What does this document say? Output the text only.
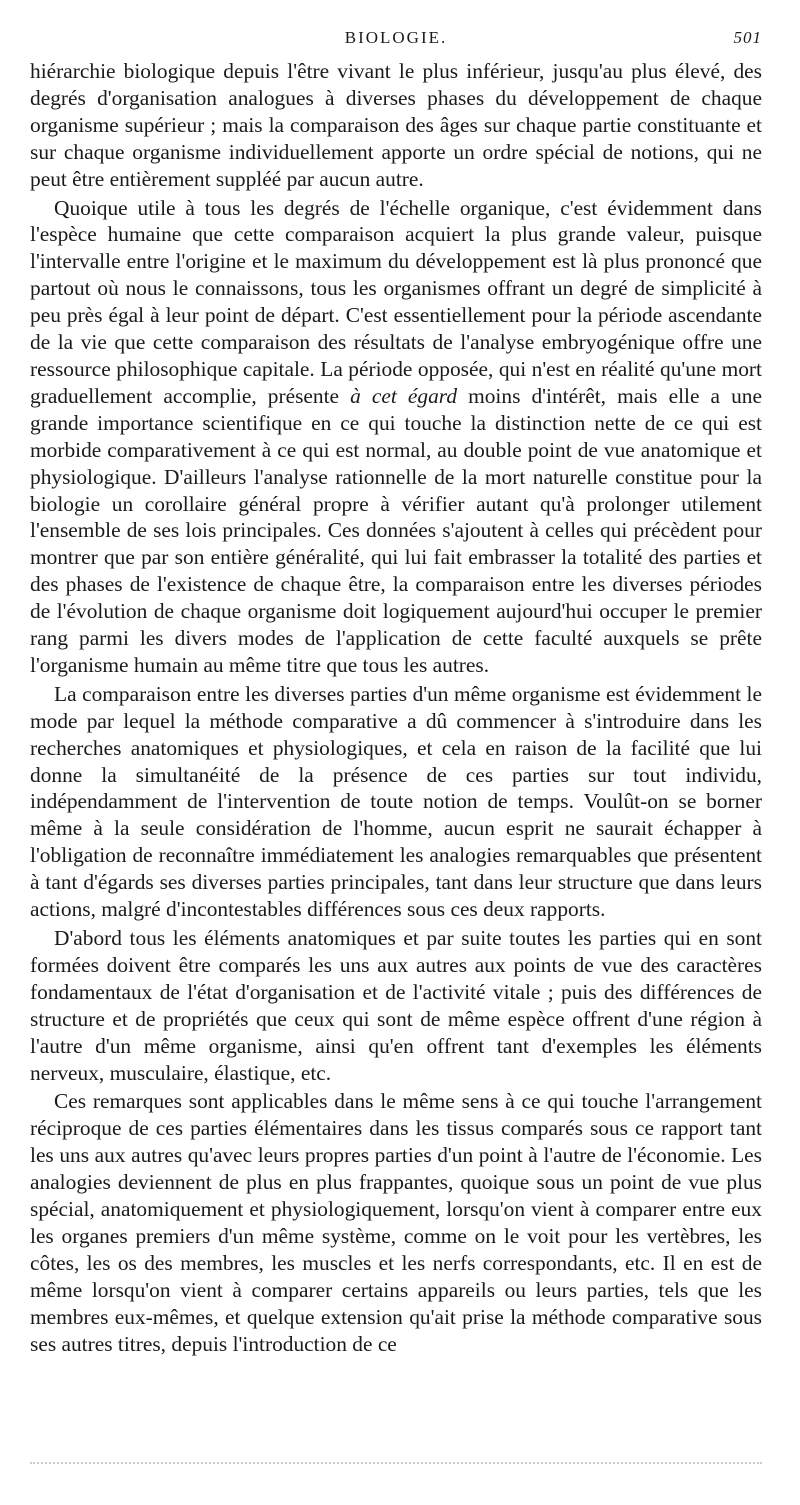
BIOLOGIE.	501

hiérarchie biologique depuis l'être vivant le plus inférieur, jusqu'au plus élevé, des degrés d'organisation analogues à diverses phases du développement de chaque organisme supérieur ; mais la comparaison des âges sur chaque partie constituante et sur chaque organisme individuellement apporte un ordre spécial de notions, qui ne peut être entièrement suppléé par aucun autre.

Quoique utile à tous les degrés de l'échelle organique, c'est évidemment dans l'espèce humaine que cette comparaison acquiert la plus grande valeur, puisque l'intervalle entre l'origine et le maximum du développement est là plus prononcé que partout où nous le connaissons, tous les organismes offrant un degré de simplicité à peu près égal à leur point de départ. C'est essentiellement pour la période ascendante de la vie que cette comparaison des résultats de l'analyse embryogénique offre une ressource philosophique capitale. La période opposée, qui n'est en réalité qu'une mort graduellement accomplie, présente à cet égard moins d'intérêt, mais elle a une grande importance scientifique en ce qui touche la distinction nette de ce qui est morbide comparativement à ce qui est normal, au double point de vue anatomique et physiologique. D'ailleurs l'analyse rationnelle de la mort naturelle constitue pour la biologie un corollaire général propre à vérifier autant qu'à prolonger utilement l'ensemble de ses lois principales. Ces données s'ajoutent à celles qui précèdent pour montrer que par son entière généralité, qui lui fait embrasser la totalité des parties et des phases de l'existence de chaque être, la comparaison entre les diverses périodes de l'évolution de chaque organisme doit logiquement aujourd'hui occuper le premier rang parmi les divers modes de l'application de cette faculté auxquels se prête l'organisme humain au même titre que tous les autres.

La comparaison entre les diverses parties d'un même organisme est évidemment le mode par lequel la méthode comparative a dû commencer à s'introduire dans les recherches anatomiques et physiologiques, et cela en raison de la facilité que lui donne la simultanéité de la présence de ces parties sur tout individu, indépendamment de l'intervention de toute notion de temps. Voulût-on se borner même à la seule considération de l'homme, aucun esprit ne saurait échapper à l'obligation de reconnaître immédiatement les analogies remarquables que présentent à tant d'égards ses diverses parties principales, tant dans leur structure que dans leurs actions, malgré d'incontestables différences sous ces deux rapports.

D'abord tous les éléments anatomiques et par suite toutes les parties qui en sont formées doivent être comparés les uns aux autres aux points de vue des caractères fondamentaux de l'état d'organisation et de l'activité vitale ; puis des différences de structure et de propriétés que ceux qui sont de même espèce offrent d'une région à l'autre d'un même organisme, ainsi qu'en offrent tant d'exemples les éléments nerveux, musculaire, élastique, etc.

Ces remarques sont applicables dans le même sens à ce qui touche l'arrangement réciproque de ces parties élémentaires dans les tissus comparés sous ce rapport tant les uns aux autres qu'avec leurs propres parties d'un point à l'autre de l'économie. Les analogies deviennent de plus en plus frappantes, quoique sous un point de vue plus spécial, anatomiquement et physiologiquement, lorsqu'on vient à comparer entre eux les organes premiers d'un même système, comme on le voit pour les vertèbres, les côtes, les os des membres, les muscles et les nerfs correspondants, etc. Il en est de même lorsqu'on vient à comparer certains appareils ou leurs parties, tels que les membres eux-mêmes, et quelque extension qu'ait prise la méthode comparative sous ses autres titres, depuis l'introduction de ce
